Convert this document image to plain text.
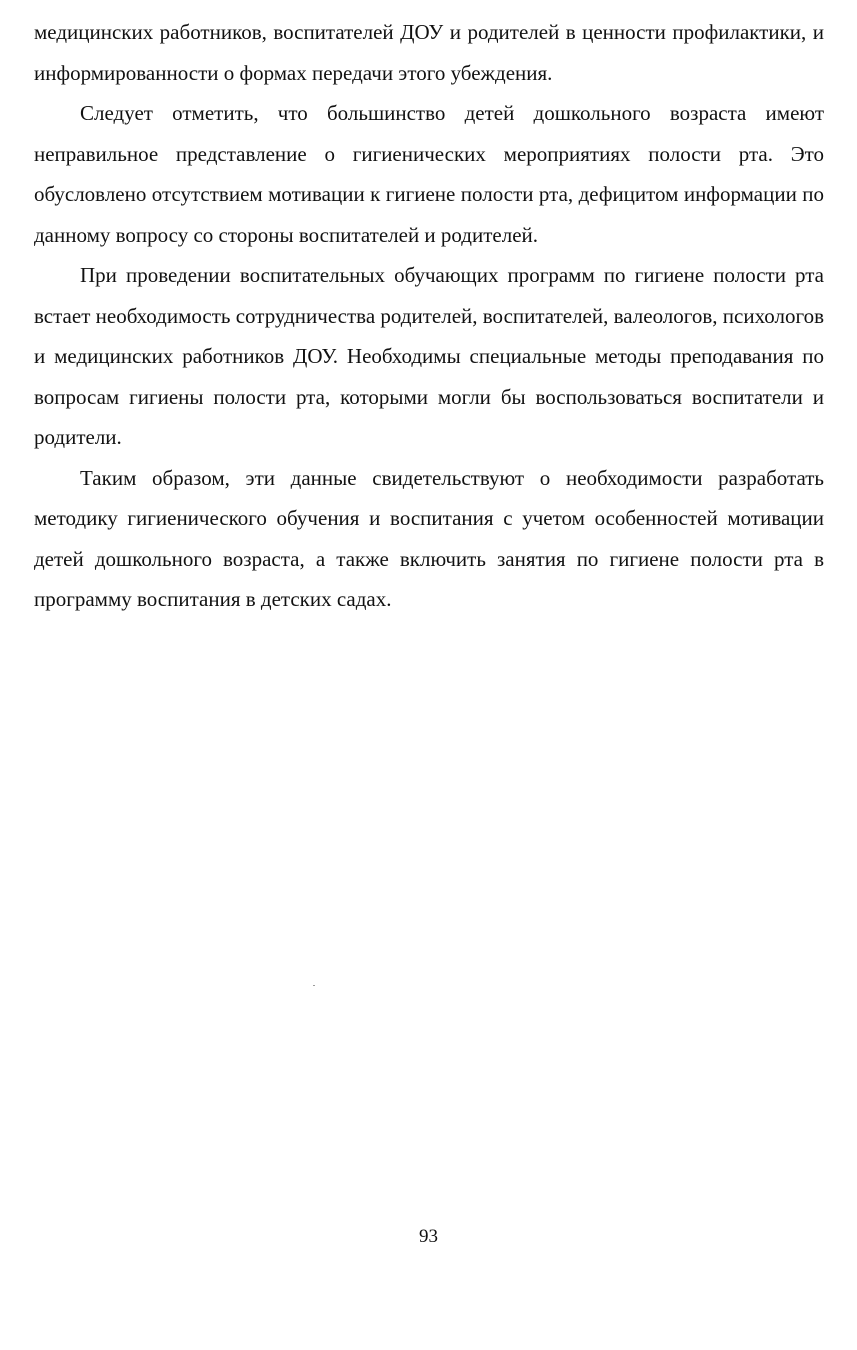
медицинских работников, воспитателей ДОУ и родителей в ценности профилактики, и информированности о формах передачи этого убеждения.

Следует отметить, что большинство детей дошкольного возраста имеют неправильное представление о гигиенических мероприятиях полости рта. Это обусловлено отсутствием мотивации к гигиене полости рта, дефицитом информации по данному вопросу со стороны воспитателей и родителей.

При проведении воспитательных обучающих программ по гигиене полости рта встает необходимость сотрудничества родителей, воспитателей, валеологов, психологов и медицинских работников ДОУ. Необходимы специальные методы преподавания по вопросам гигиены полости рта, которыми могли бы воспользоваться воспитатели и родители.

Таким образом, эти данные свидетельствуют о необходимости разработать методику гигиенического обучения и воспитания с учетом особенностей мотивации детей дошкольного возраста, а также включить занятия по гигиене полости рта в программу воспитания в детских садах.

93
